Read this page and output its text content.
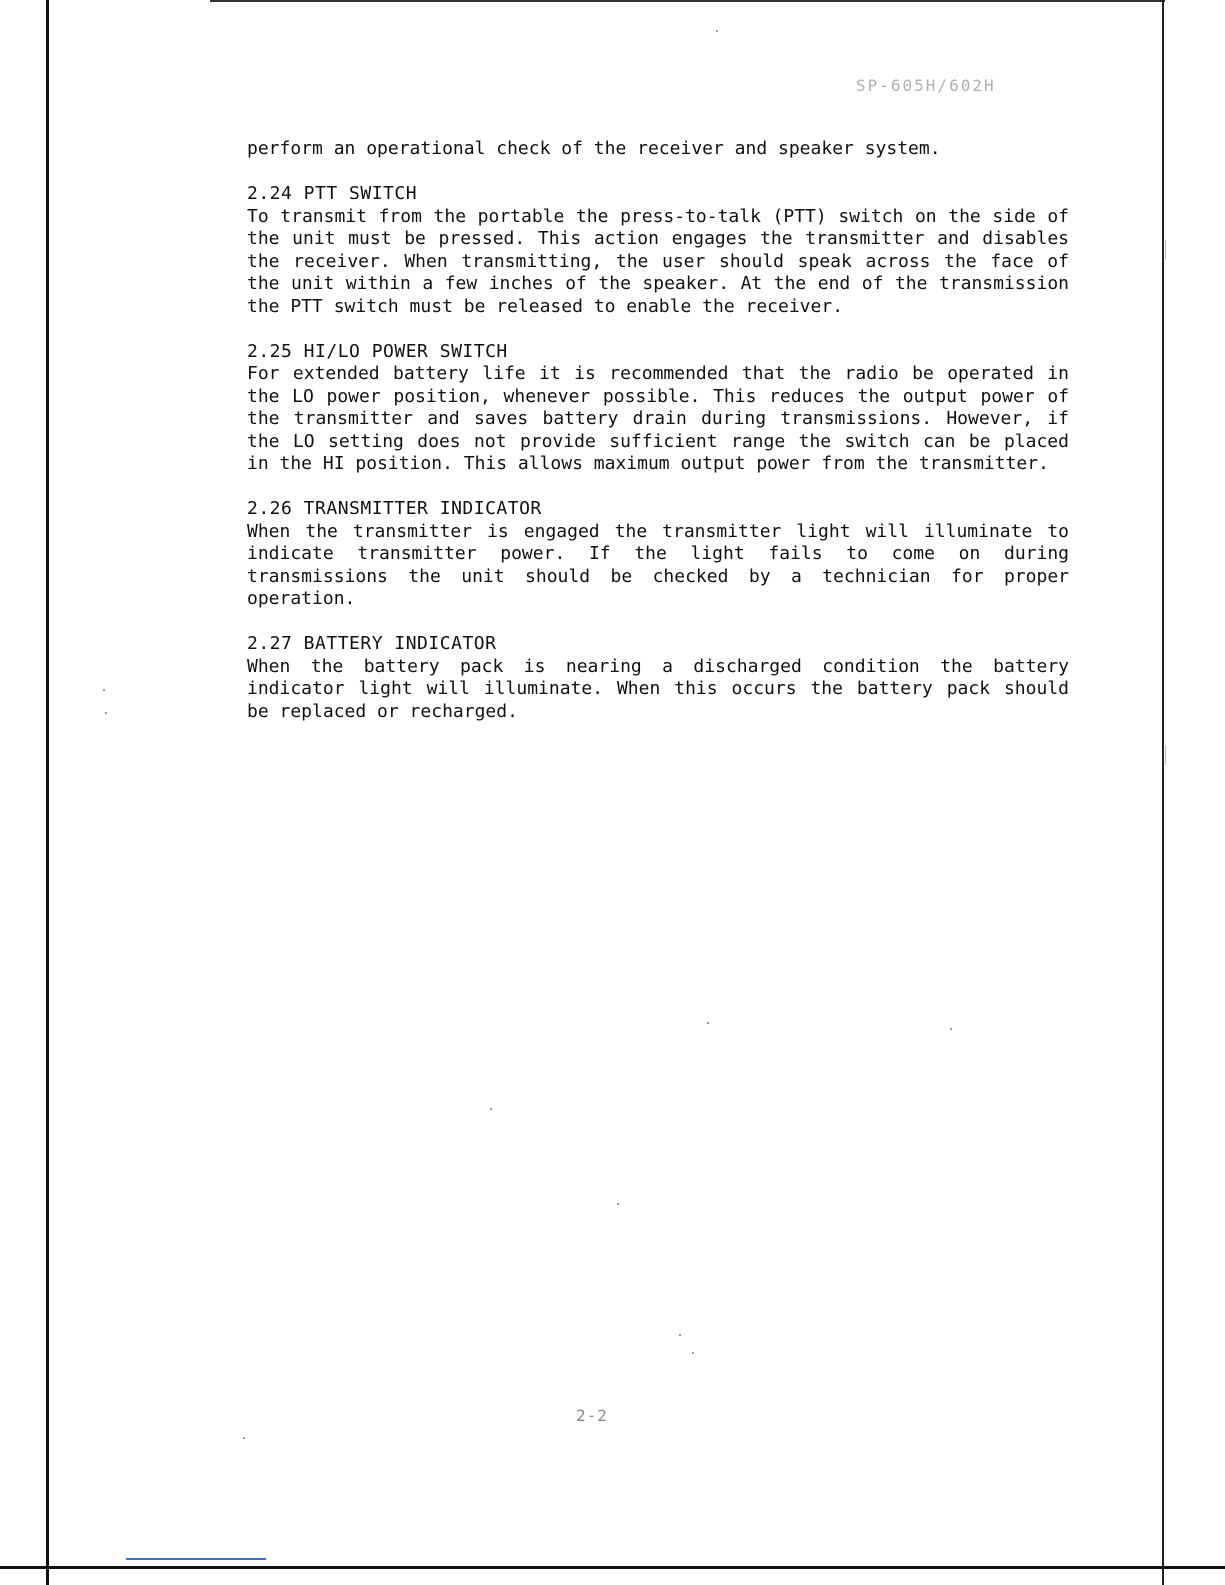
SP-605H/602H

perform an operational check of the receiver and speaker system.

2.24 PTT SWITCH

To transmit from the portable the press-to-talk (PTT) switch on the side of the unit must be pressed. This action engages the transmitter and disables the receiver. When transmitting, the user should speak across the face of the unit within a few inches of the speaker. At the end of the transmission the PTT switch must be released to enable the receiver.

2.25 HI/LO POWER SWITCH

For extended battery life it is recommended that the radio be operated in the LO power position, whenever possible. This reduces the output power of the transmitter and saves battery drain during transmissions. However, if the LO setting does not provide sufficient range the switch can be placed in the HI position. This allows maximum output power from the transmitter.

2.26 TRANSMITTER INDICATOR

When the transmitter is engaged the transmitter light will illuminate to indicate transmitter power. If the light fails to come on during transmissions the unit should be checked by a technician for proper operation.

2.27 BATTERY INDICATOR

When the battery pack is nearing a discharged condition the battery indicator light will illuminate. When this occurs the battery pack should be replaced or recharged.

2-2
